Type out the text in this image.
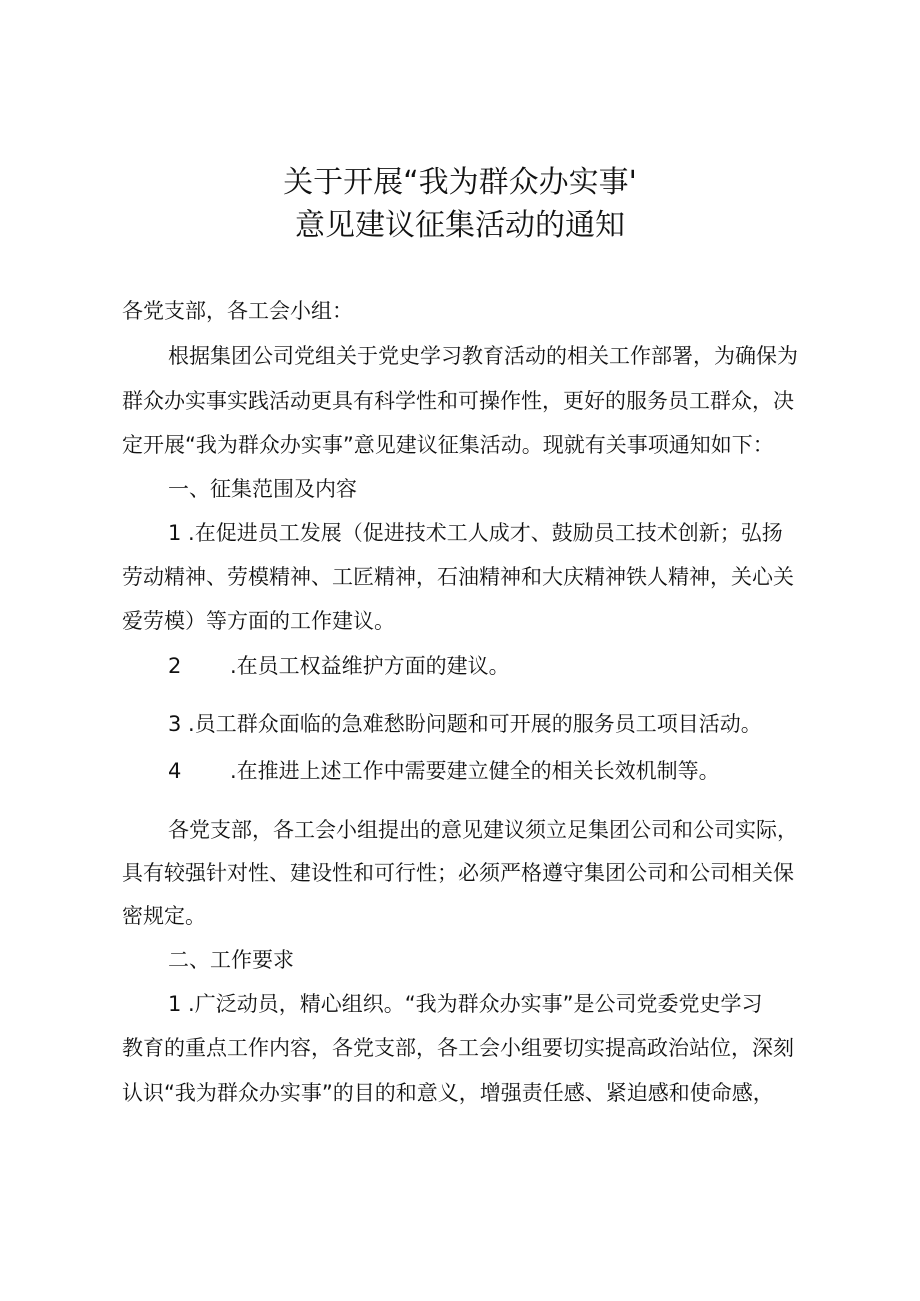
关于开展“我为群众办实事'
意见建议征集活动的通知

各党支部，各工会小组：

根据集团公司党组关于党史学习教育活动的相关工作部署，为确保为

群众办实事实践活动更具有科学性和可操作性，更好的服务员工群众，决

定开展“我为群众办实事”意见建议征集活动。现就有关事项通知如下：

一、征集范围及内容

1 .在促进员工发展（促进技术工人成才、鼓励员工技术创新；弘扬

劳动精神、劳模精神、工匠精神，石油精神和大庆精神铁人精神，关心关

爱劳模）等方面的工作建议。

2 .在员工权益维护方面的建议。

3 .员工群众面临的急难愁盼问题和可开展的服务员工项目活动。

4 .在推进上述工作中需要建立健全的相关长效机制等。

各党支部，各工会小组提出的意见建议须立足集团公司和公司实际，

具有较强针对性、建设性和可行性；必须严格遵守集团公司和公司相关保

密规定。

二、工作要求

1 .广泛动员，精心组织。“我为群众办实事”是公司党委党史学习

教育的重点工作内容，各党支部，各工会小组要切实提高政治站位，深刻

认识“我为群众办实事”的目的和意义，增强责任感、紧迫感和使命感，
